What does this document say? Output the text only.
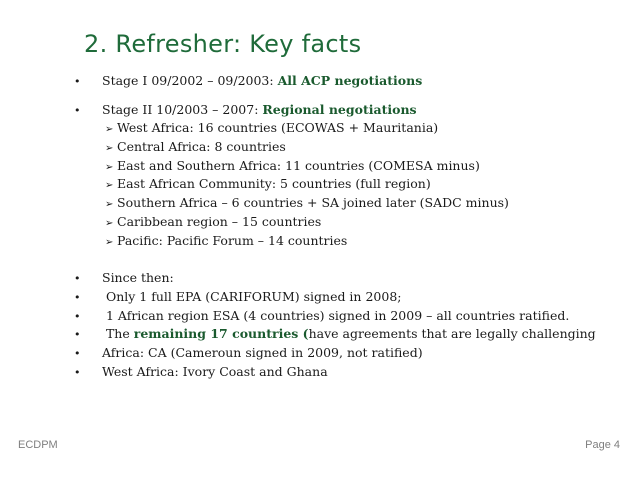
2. Refresher: Key facts
•	Stage I 09/2002 – 09/2003: All ACP negotiations
•	Stage II 10/2003 – 2007: Regional negotiations
➢ West Africa: 16 countries (ECOWAS + Mauritania)
➢ Central Africa: 8 countries
➢ East and Southern Africa: 11 countries (COMESA minus)
➢ East African Community: 5 countries (full region)
➢ Southern Africa – 6 countries + SA joined later (SADC minus)
➢ Caribbean region – 15 countries
➢ Pacific: Pacific Forum – 14 countries
•	Since then:
•	Only 1 full EPA (CARIFORUM) signed in 2008;
•	1 African region ESA (4 countries) signed in 2009 – all countries ratified.
•	The remaining 17 countries (have agreements that are legally challenging
•	Africa: CA (Cameroun signed in 2009, not ratified)
•	West Africa: Ivory Coast and Ghana
ECDPM	Page 4
